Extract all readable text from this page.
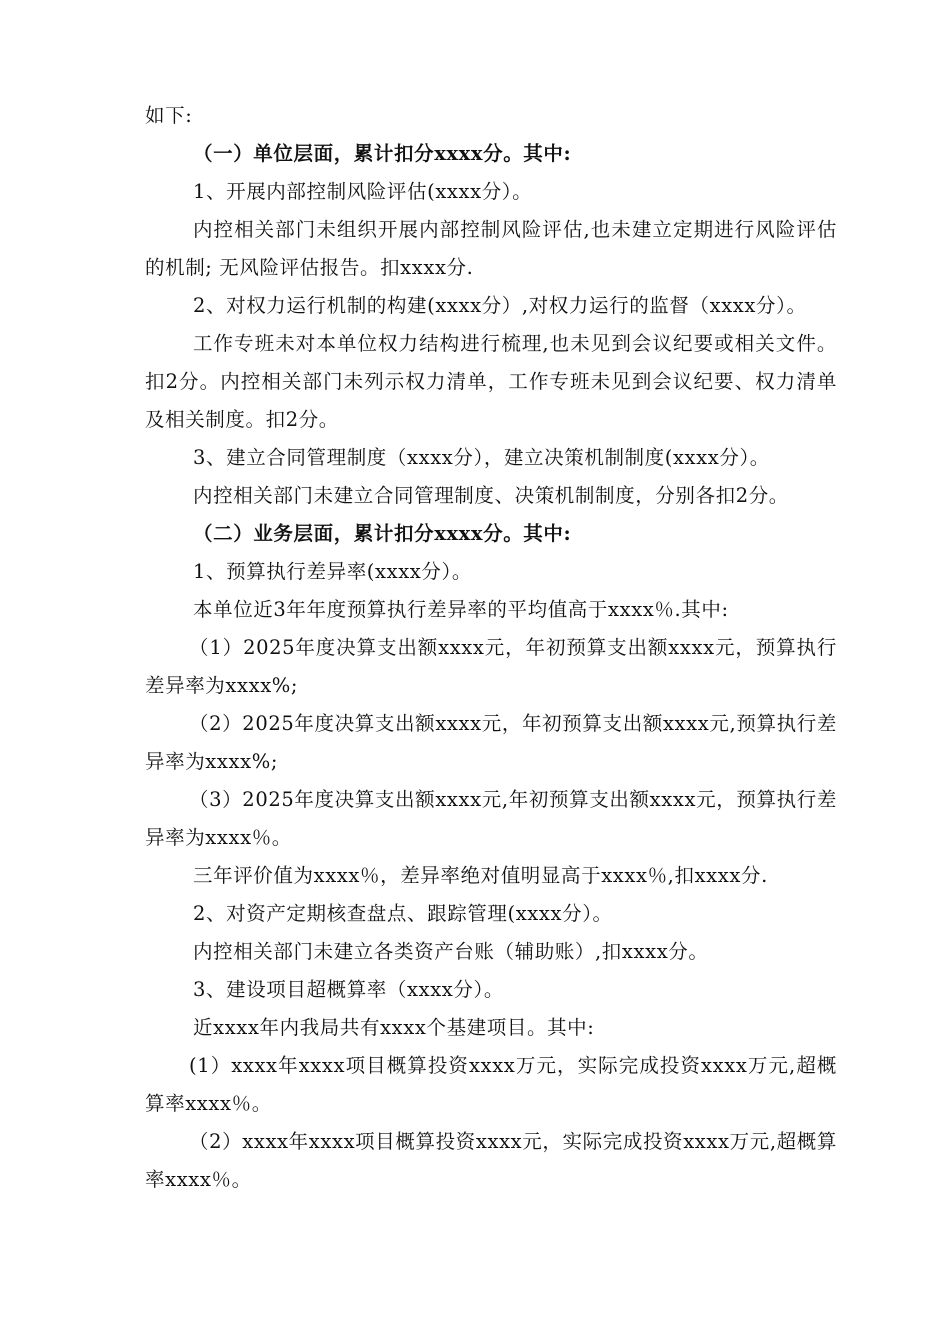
如下:

（一）单位层面，累计扣分xxxx分。其中:

1、开展内部控制风险评估(xxxx分）。

内控相关部门未组织开展内部控制风险评估,也未建立定期进行风险评估的机制; 无风险评估报告。扣xxxx分.

2、对权力运行机制的构建(xxxx分）,对权力运行的监督（xxxx分）。

工作专班未对本单位权力结构进行梳理,也未见到会议纪要或相关文件。扣2分。内控相关部门未列示权力清单，工作专班未见到会议纪要、权力清单及相关制度。扣2分。

3、建立合同管理制度（xxxx分），建立决策机制制度(xxxx分）。

内控相关部门未建立合同管理制度、决策机制制度，分别各扣2分。

（二）业务层面，累计扣分xxxx分。其中:

1、预算执行差异率(xxxx分）。

本单位近3年年度预算执行差异率的平均值高于xxxx％.其中:

（1）2025年度决算支出额xxxx元，年初预算支出额xxxx元，预算执行差异率为xxxx%;

（2）2025年度决算支出额xxxx元，年初预算支出额xxxx元,预算执行差异率为xxxx%;

（3）2025年度决算支出额xxxx元,年初预算支出额xxxx元，预算执行差异率为xxxx％。

三年评价值为xxxx％，差异率绝对值明显高于xxxx％,扣xxxx分.

2、对资产定期核查盘点、跟踪管理(xxxx分）。

内控相关部门未建立各类资产台账（辅助账）,扣xxxx分。

3、建设项目超概算率（xxxx分）。

近xxxx年内我局共有xxxx个基建项目。其中:

(1）xxxx年xxxx项目概算投资xxxx万元，实际完成投资xxxx万元,超概算率xxxx％。

（2）xxxx年xxxx项目概算投资xxxx元，实际完成投资xxxx万元,超概算率xxxx％。
